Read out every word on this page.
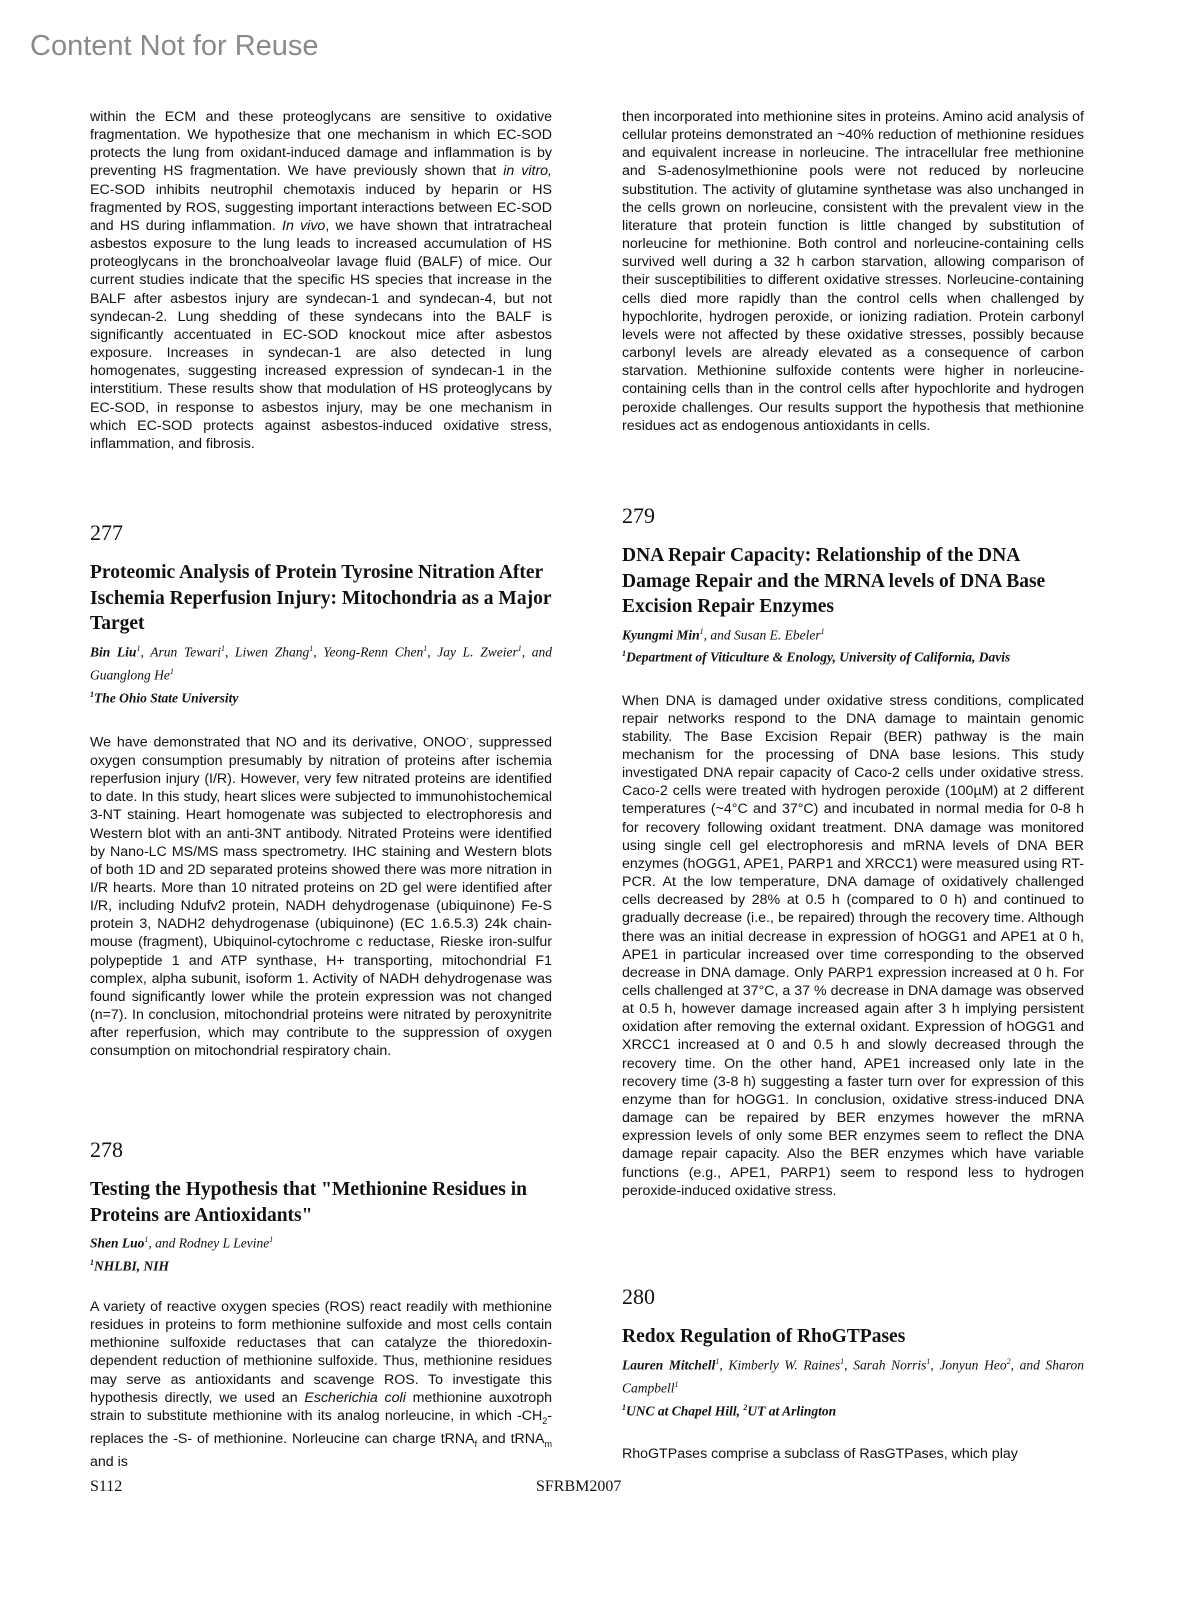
Content Not for Reuse

within the ECM and these proteoglycans are sensitive to oxidative fragmentation. We hypothesize that one mechanism in which EC-SOD protects the lung from oxidant-induced damage and inflammation is by preventing HS fragmentation. We have previously shown that in vitro, EC-SOD inhibits neutrophil chemotaxis induced by heparin or HS fragmented by ROS, suggesting important interactions between EC-SOD and HS during inflammation. In vivo, we have shown that intratracheal asbestos exposure to the lung leads to increased accumulation of HS proteoglycans in the bronchoalveolar lavage fluid (BALF) of mice. Our current studies indicate that the specific HS species that increase in the BALF after asbestos injury are syndecan-1 and syndecan-4, but not syndecan-2. Lung shedding of these syndecans into the BALF is significantly accentuated in EC-SOD knockout mice after asbestos exposure. Increases in syndecan-1 are also detected in lung homogenates, suggesting increased expression of syndecan-1 in the interstitium. These results show that modulation of HS proteoglycans by EC-SOD, in response to asbestos injury, may be one mechanism in which EC-SOD protects against asbestos-induced oxidative stress, inflammation, and fibrosis.

277

Proteomic Analysis of Protein Tyrosine Nitration After Ischemia Reperfusion Injury: Mitochondria as a Major Target

Bin Liu$^1$, Arun Tewari$^1$, Liwen Zhang$^1$, Yeong-Renn Chen$^1$, Jay L. Zweier$^1$, and Guanglong He$^1$

$^1$The Ohio State University

We have demonstrated that NO and its derivative, ONOO-, suppressed oxygen consumption presumably by nitration of proteins after ischemia reperfusion injury (I/R). However, very few nitrated proteins are identified to date. In this study, heart slices were subjected to immunohistochemical 3-NT staining. Heart homogenate was subjected to electrophoresis and Western blot with an anti-3NT antibody. Nitrated Proteins were identified by Nano-LC MS/MS mass spectrometry. IHC staining and Western blots of both 1D and 2D separated proteins showed there was more nitration in I/R hearts. More than 10 nitrated proteins on 2D gel were identified after I/R, including Ndufv2 protein, NADH dehydrogenase (ubiquinone) Fe-S protein 3, NADH2 dehydrogenase (ubiquinone) (EC 1.6.5.3) 24k chain-mouse (fragment), Ubiquinol-cytochrome c reductase, Rieske iron-sulfur polypeptide 1 and ATP synthase, H+ transporting, mitochondrial F1 complex, alpha subunit, isoform 1. Activity of NADH dehydrogenase was found significantly lower while the protein expression was not changed (n=7). In conclusion, mitochondrial proteins were nitrated by peroxynitrite after reperfusion, which may contribute to the suppression of oxygen consumption on mitochondrial respiratory chain.

278

Testing the Hypothesis that "Methionine Residues in Proteins are Antioxidants"

Shen Luo$^1$, and Rodney L Levine$^1$

$^1$NHLBI, NIH

A variety of reactive oxygen species (ROS) react readily with methionine residues in proteins to form methionine sulfoxide and most cells contain methionine sulfoxide reductases that can catalyze the thioredoxin-dependent reduction of methionine sulfoxide. Thus, methionine residues may serve as antioxidants and scavenge ROS. To investigate this hypothesis directly, we used an Escherichia coli methionine auxotroph strain to substitute methionine with its analog norleucine, in which $-CH_2-$ replaces the -S- of methionine. Norleucine can charge tRNA$_f$ and tRNA$_m$ and is

then incorporated into methionine sites in proteins. Amino acid analysis of cellular proteins demonstrated an ~40% reduction of methionine residues and equivalent increase in norleucine. The intracellular free methionine and S-adenosylmethionine pools were not reduced by norleucine substitution. The activity of glutamine synthetase was also unchanged in the cells grown on norleucine, consistent with the prevalent view in the literature that protein function is little changed by substitution of norleucine for methionine. Both control and norleucine-containing cells survived well during a 32 h carbon starvation, allowing comparison of their susceptibilities to different oxidative stresses. Norleucine-containing cells died more rapidly than the control cells when challenged by hypochlorite, hydrogen peroxide, or ionizing radiation. Protein carbonyl levels were not affected by these oxidative stresses, possibly because carbonyl levels are already elevated as a consequence of carbon starvation. Methionine sulfoxide contents were higher in norleucine-containing cells than in the control cells after hypochlorite and hydrogen peroxide challenges. Our results support the hypothesis that methionine residues act as endogenous antioxidants in cells.

279

DNA Repair Capacity: Relationship of the DNA Damage Repair and the MRNA levels of DNA Base Excision Repair Enzymes

Kyungmi Min$^1$, and Susan E. Ebeler$^1$

$^1$Department of Viticulture & Enology, University of California, Davis

When DNA is damaged under oxidative stress conditions, complicated repair networks respond to the DNA damage to maintain genomic stability. The Base Excision Repair (BER) pathway is the main mechanism for the processing of DNA base lesions. This study investigated DNA repair capacity of Caco-2 cells under oxidative stress. Caco-2 cells were treated with hydrogen peroxide (100µM) at 2 different temperatures (~4°C and 37°C) and incubated in normal media for 0-8 h for recovery following oxidant treatment. DNA damage was monitored using single cell gel electrophoresis and mRNA levels of DNA BER enzymes (hOGG1, APE1, PARP1 and XRCC1) were measured using RT-PCR. At the low temperature, DNA damage of oxidatively challenged cells decreased by 28% at 0.5 h (compared to 0 h) and continued to gradually decrease (i.e., be repaired) through the recovery time. Although there was an initial decrease in expression of hOGG1 and APE1 at 0 h, APE1 in particular increased over time corresponding to the observed decrease in DNA damage. Only PARP1 expression increased at 0 h. For cells challenged at 37°C, a 37 % decrease in DNA damage was observed at 0.5 h, however damage increased again after 3 h implying persistent oxidation after removing the external oxidant. Expression of hOGG1 and XRCC1 increased at 0 and 0.5 h and slowly decreased through the recovery time. On the other hand, APE1 increased only late in the recovery time (3-8 h) suggesting a faster turn over for expression of this enzyme than for hOGG1. In conclusion, oxidative stress-induced DNA damage can be repaired by BER enzymes however the mRNA expression levels of only some BER enzymes seem to reflect the DNA damage repair capacity. Also the BER enzymes which have variable functions (e.g., APE1, PARP1) seem to respond less to hydrogen peroxide-induced oxidative stress.

280

Redox Regulation of RhoGTPases

Lauren Mitchell$^1$, Kimberly W. Raines$^1$, Sarah Norris$^1$, Jonyun Heo$^2$, and Sharon Campbell$^1$

$^1$UNC at Chapel Hill, $^2$UT at Arlington

RhoGTPases comprise a subclass of RasGTPases, which play

S112	SFRBM2007
